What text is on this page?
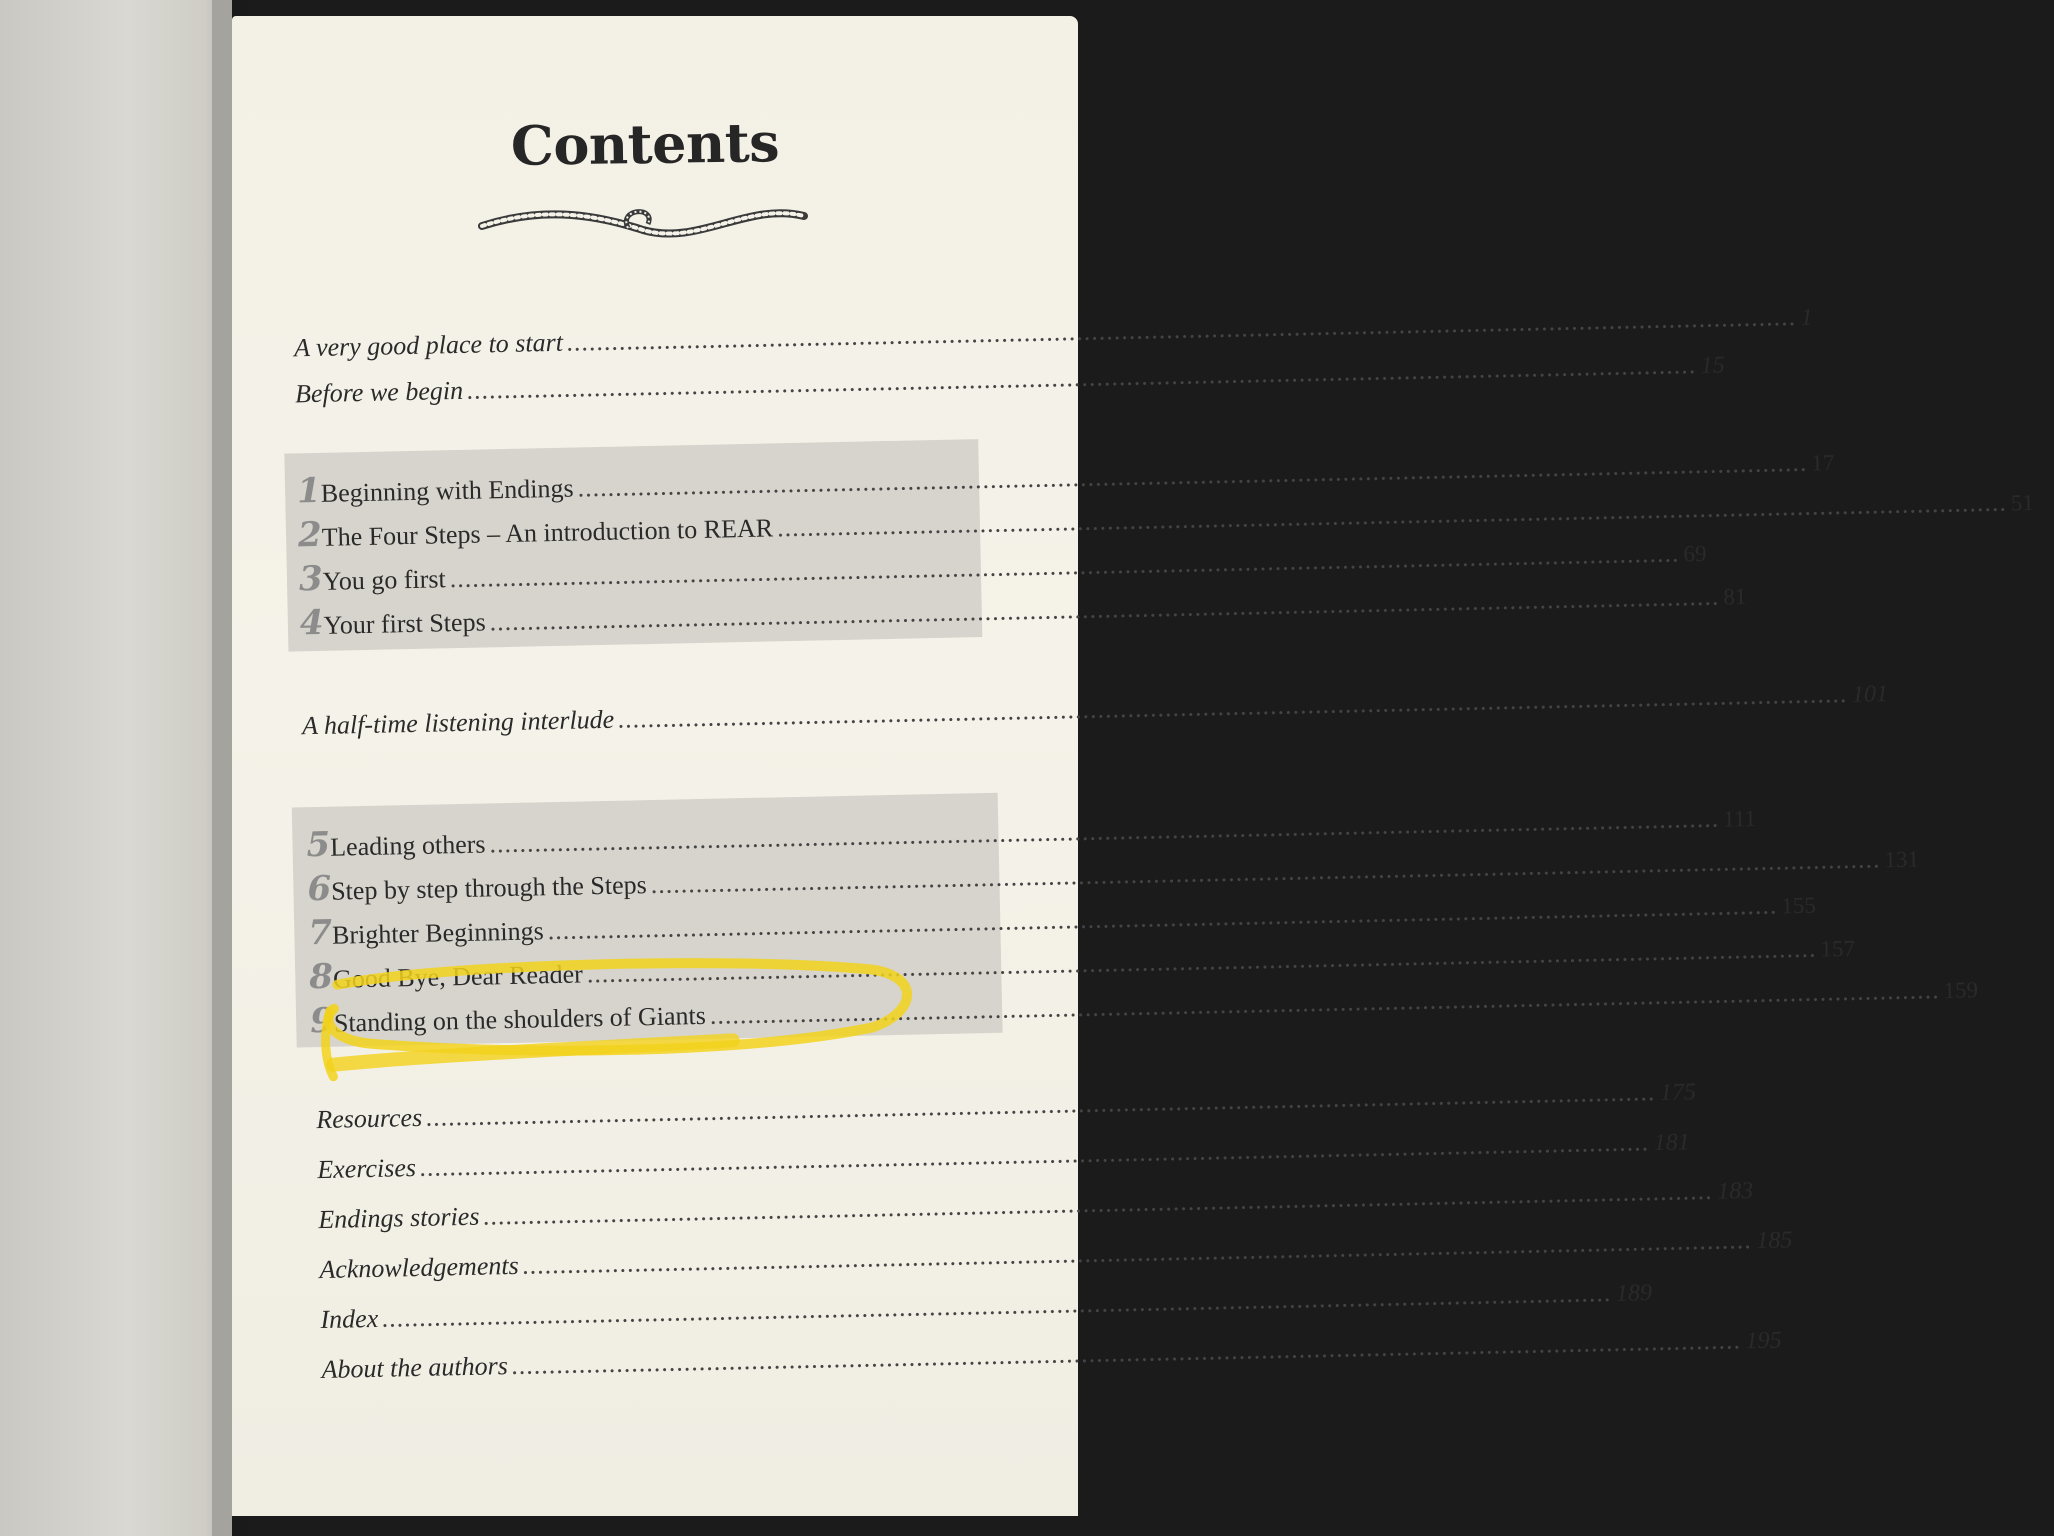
Contents
A very good place to start .................................................................................................................................................................... 1
Before we begin .................................................................................................................................................................... 15
1 Beginning with Endings .................................................................................................................................................................... 17
2 The Four Steps – An introduction to REAR .................................................................................................................................................................... 51
3 You go first .................................................................................................................................................................... 69
4 Your first Steps .................................................................................................................................................................... 81
A half-time listening interlude .................................................................................................................................................................... 101
5 Leading others .................................................................................................................................................................... 111
6 Step by step through the Steps .................................................................................................................................................................... 131
7 Brighter Beginnings .................................................................................................................................................................... 155
8 Good Bye, Dear Reader .................................................................................................................................................................... 157
9 Standing on the shoulders of Giants .................................................................................................................................................................... 159
Resources .................................................................................................................................................................... 175
Exercises .................................................................................................................................................................... 181
Endings stories .................................................................................................................................................................... 183
Acknowledgements .................................................................................................................................................................... 185
Index .................................................................................................................................................................... 189
About the authors .................................................................................................................................................................... 195
